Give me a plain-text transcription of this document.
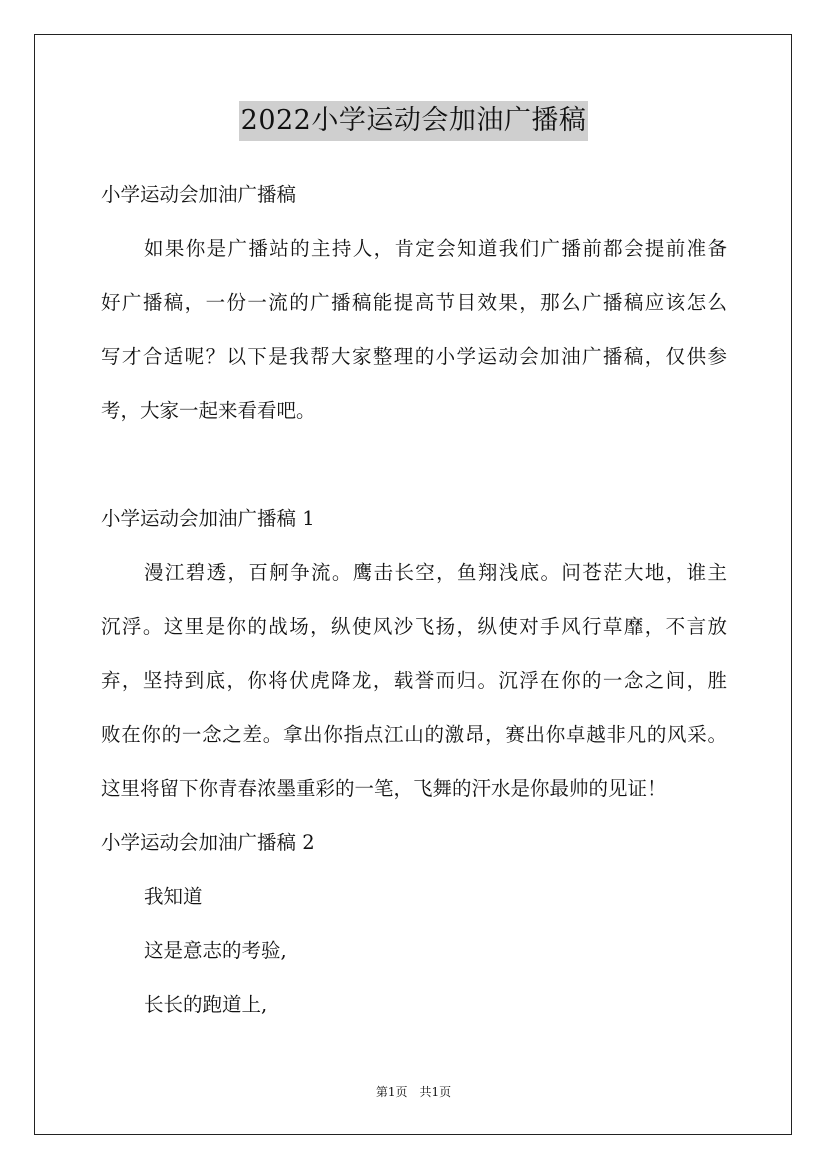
2022小学运动会加油广播稿
小学运动会加油广播稿
如果你是广播站的主持人，肯定会知道我们广播前都会提前准备
好广播稿，一份一流的广播稿能提高节目效果，那么广播稿应该怎么
写才合适呢？以下是我帮大家整理的小学运动会加油广播稿，仅供参
考，大家一起来看看吧。
小学运动会加油广播稿 1
漫江碧透，百舸争流。鹰击长空，鱼翔浅底。问苍茫大地，谁主
沉浮。这里是你的战场，纵使风沙飞扬，纵使对手风行草靡，不言放
弃，坚持到底，你将伏虎降龙，载誉而归。沉浮在你的一念之间，胜
败在你的一念之差。拿出你指点江山的激昂，赛出你卓越非凡的风采。
这里将留下你青春浓墨重彩的一笔，飞舞的汗水是你最帅的见证！
小学运动会加油广播稿 2
我知道
这是意志的考验,
长长的跑道上,
第1页　共1页
